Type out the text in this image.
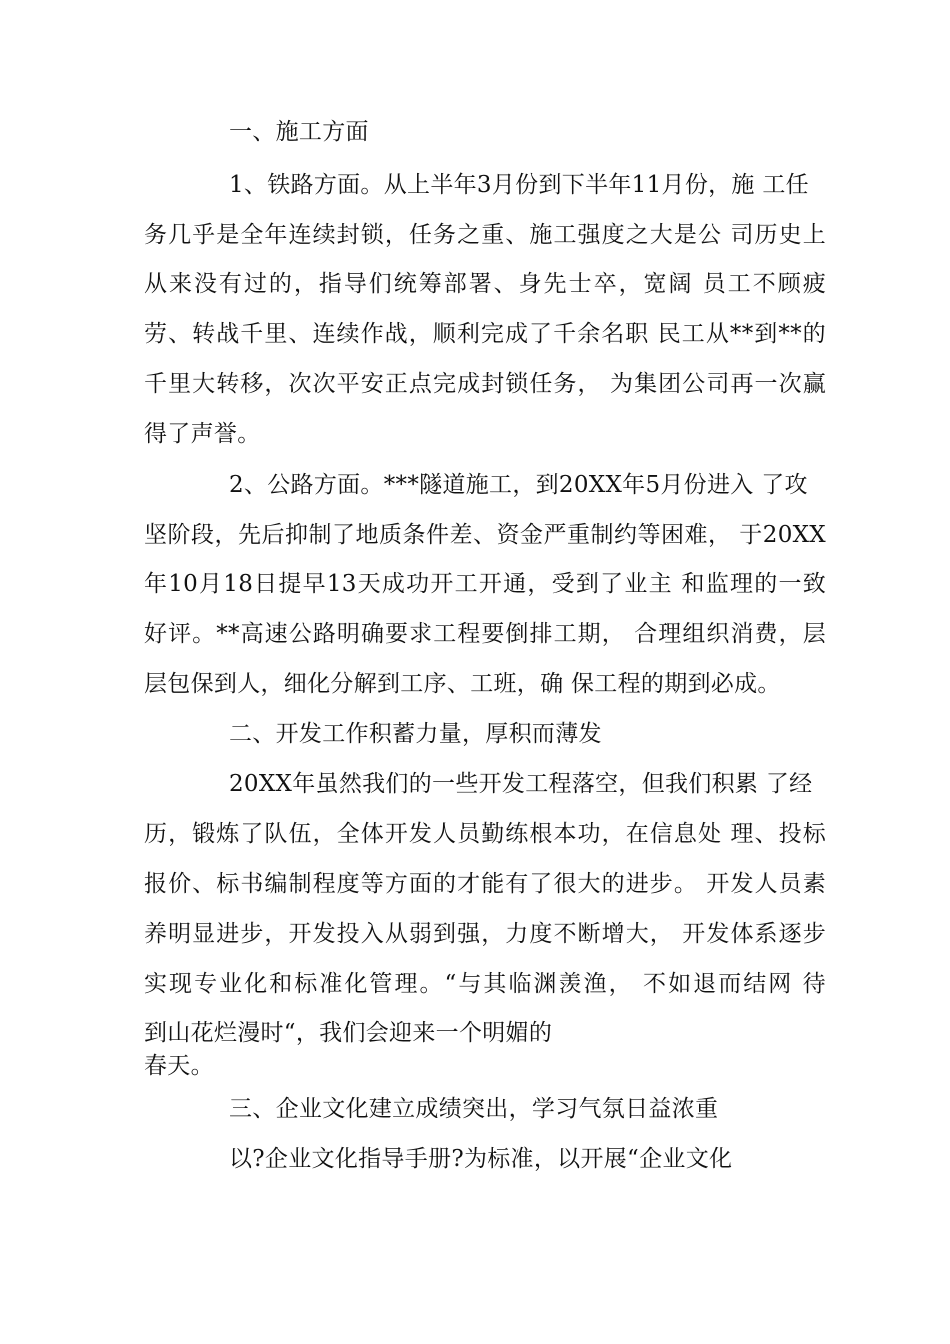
一、施工方面

1、铁路方面。从上半年3月份到下半年11月份，施 工任

务几乎是全年连续封锁，任务之重、施工强度之大是公 司历史上

从来没有过的，指导们统筹部署、身先士卒，宽阔 员工不顾疲

劳、转战千里、连续作战，顺利完成了千余名职 民工从**到**的

千里大转移，次次平安正点完成封锁任务， 为集团公司再一次赢

得了声誉。

2、公路方面。***隧道施工，到20XX年5月份进入 了攻

坚阶段，先后抑制了地质条件差、资金严重制约等困难， 于20XX

年10月18日提早13天成功开工开通，受到了业主 和监理的一致

好评。**高速公路明确要求工程要倒排工期， 合理组织消费，层

层包保到人，细化分解到工序、工班，确 保工程的期到必成。

二、开发工作积蓄力量，厚积而薄发

20XX年虽然我们的一些开发工程落空，但我们积累 了经

历，锻炼了队伍，全体开发人员勤练根本功，在信息处 理、投标

报价、标书编制程度等方面的才能有了很大的进步。 开发人员素

养明显进步，开发投入从弱到强，力度不断增大， 开发体系逐步

实现专业化和标准化管理。“与其临渊羡渔， 不如退而结网 待

到山花烂漫时“，我们会迎来一个明媚的

春天。

三、企业文化建立成绩突出，学习气氛日益浓重

以?企业文化指导手册?为标准，以开展“企业文化
